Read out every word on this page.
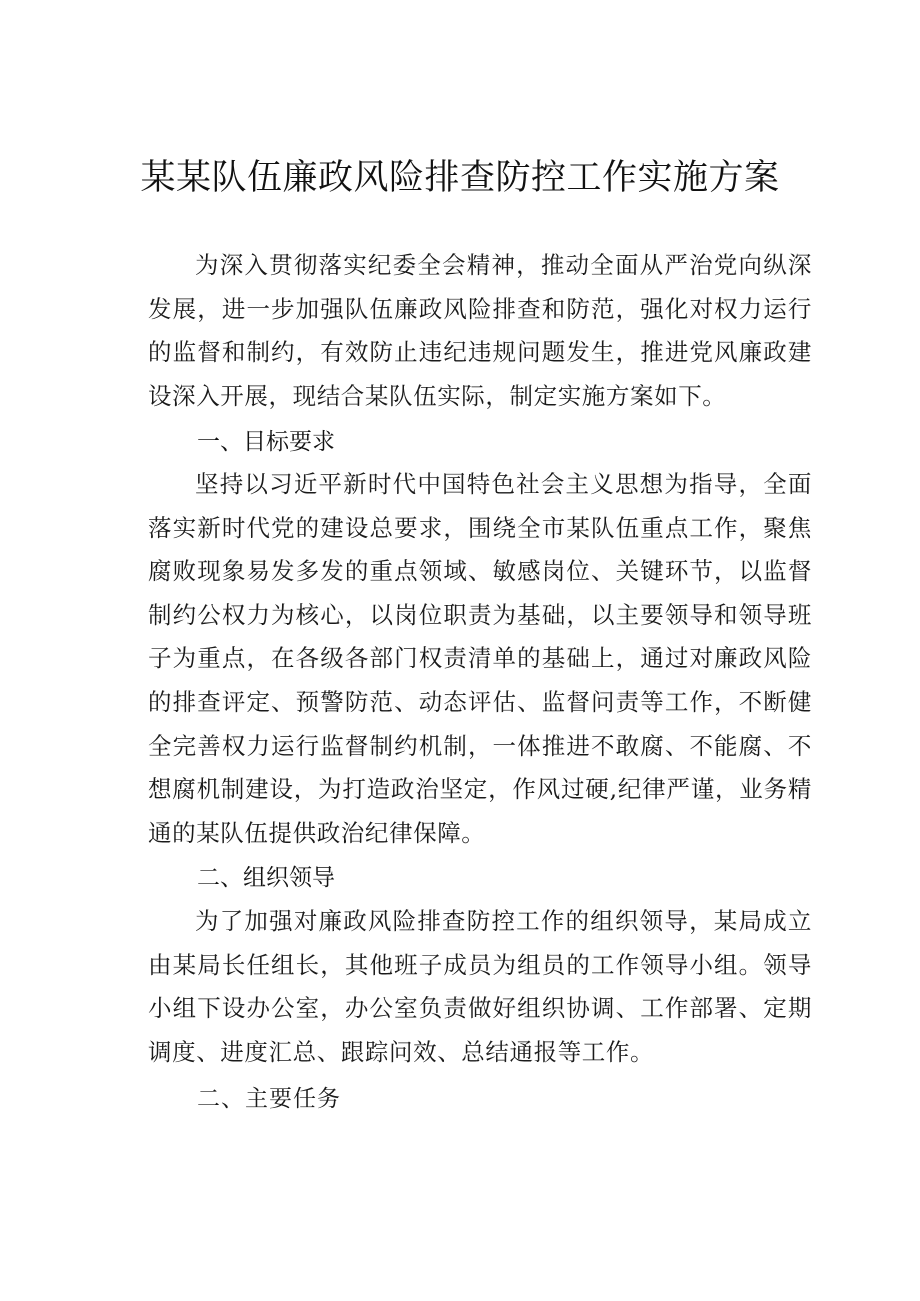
某某队伍廉政风险排查防控工作实施方案

为深入贯彻落实纪委全会精神，推动全面从严治党向纵深发展，进一步加强队伍廉政风险排查和防范，强化对权力运行的监督和制约，有效防止违纪违规问题发生，推进党风廉政建设深入开展，现结合某队伍实际，制定实施方案如下。

一、目标要求

坚持以习近平新时代中国特色社会主义思想为指导，全面落实新时代党的建设总要求，围绕全市某队伍重点工作，聚焦腐败现象易发多发的重点领域、敏感岗位、关键环节，以监督制约公权力为核心，以岗位职责为基础，以主要领导和领导班子为重点，在各级各部门权责清单的基础上，通过对廉政风险的排查评定、预警防范、动态评估、监督问责等工作，不断健全完善权力运行监督制约机制，一体推进不敢腐、不能腐、不想腐机制建设，为打造政治坚定，作风过硬,纪律严谨，业务精通的某队伍提供政治纪律保障。

二、组织领导

为了加强对廉政风险排查防控工作的组织领导，某局成立由某局长任组长，其他班子成员为组员的工作领导小组。领导小组下设办公室，办公室负责做好组织协调、工作部署、定期调度、进度汇总、跟踪问效、总结通报等工作。

二、主要任务
